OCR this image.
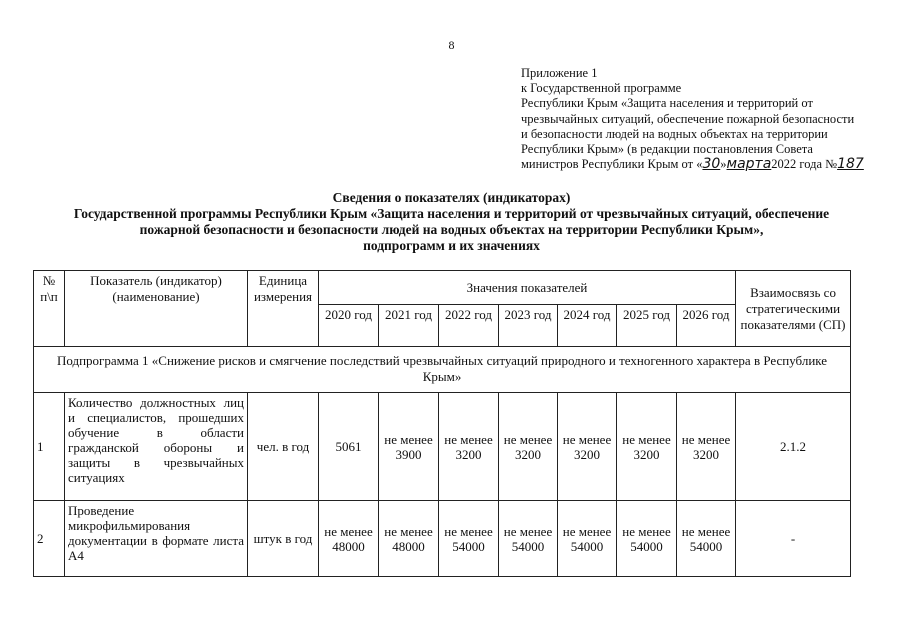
8
Приложение 1
к Государственной программе
Республики Крым «Защита населения и территорий от
чрезвычайных ситуаций, обеспечение пожарной безопасности
и безопасности людей на водных объектах на территории
Республики Крым» (в редакции постановления Совета
министров Республики Крым от «30»марта2022 года №187
Сведения о показателях (индикаторах)
Государственной программы Республики Крым «Защита населения и территорий от чрезвычайных ситуаций, обеспечение
пожарной безопасности и безопасности людей на водных объектах на территории Республики Крым»,
подпрограмм и их значениях
№ п\п	Показатель (индикатор) (наименование)	Единица измерения	Значения показателей							Взаимосвязь со стратегическими показателями (СП)
			2020 год	2021 год	2022 год	2023 год	2024 год	2025 год	2026 год	
Подпрограмма 1 «Снижение рисков и смягчение последствий чрезвычайных ситуаций природного и техногенного характера в Республике Крым»										
1	Количество должностных лиц и специалистов, прошедших обучение в области гражданской обороны и защиты в чрезвычайных ситуациях	чел. в год	5061	не менее 3900	не менее 3200	не менее 3200	не менее 3200	не менее 3200	не менее 3200	2.1.2
2	Проведение микрофильмирования документации в формате листа А4	штук в год	не менее 48000	не менее 48000	не менее 54000	не менее 54000	не менее 54000	не менее 54000	не менее 54000	-
